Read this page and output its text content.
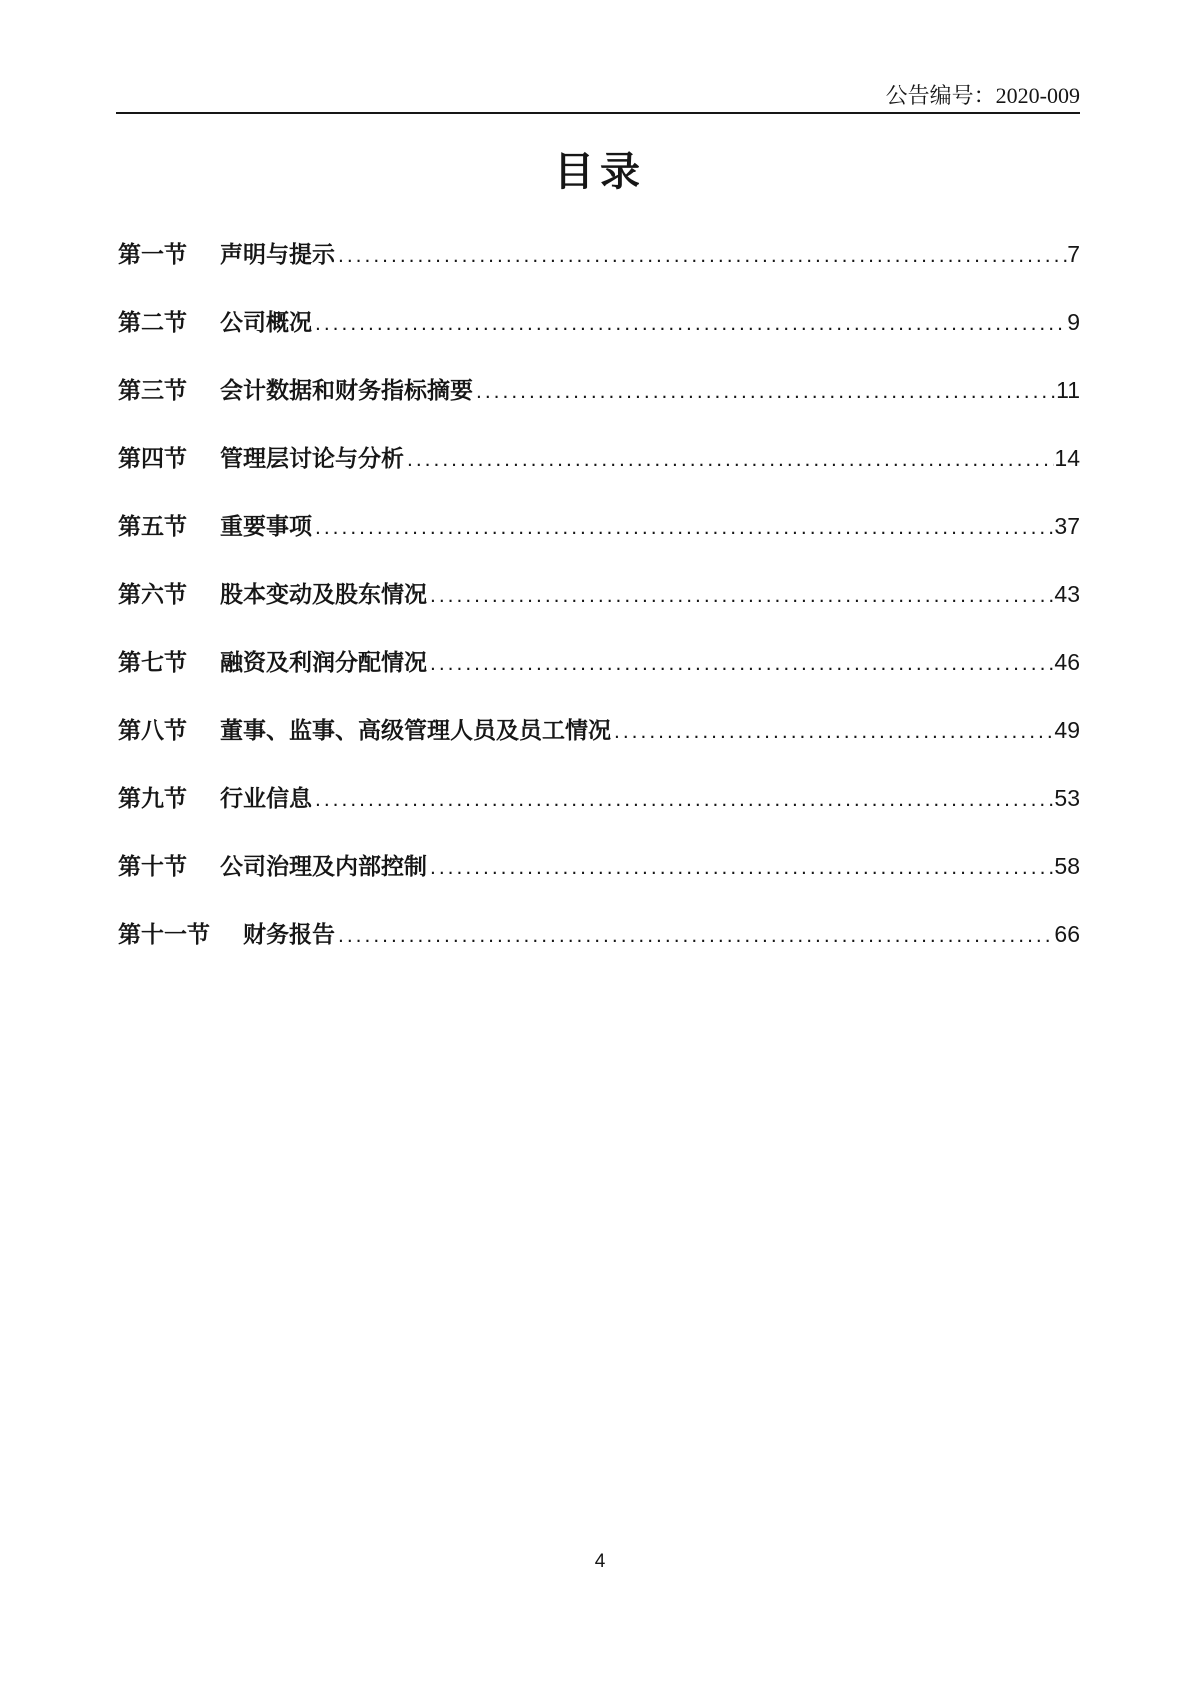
公告编号：2020-009
目录
第一节 声明与提示 .....	7
第二节 公司概况 .....	9
第三节 会计数据和财务指标摘要 .....	11
第四节 管理层讨论与分析 .....	14
第五节 重要事项 .....	37
第六节 股本变动及股东情况 .....	43
第七节 融资及利润分配情况 .....	46
第八节 董事、监事、高级管理人员及员工情况 .....	49
第九节 行业信息 .....	53
第十节 公司治理及内部控制 .....	58
第十一节 财务报告 .....	66
4
